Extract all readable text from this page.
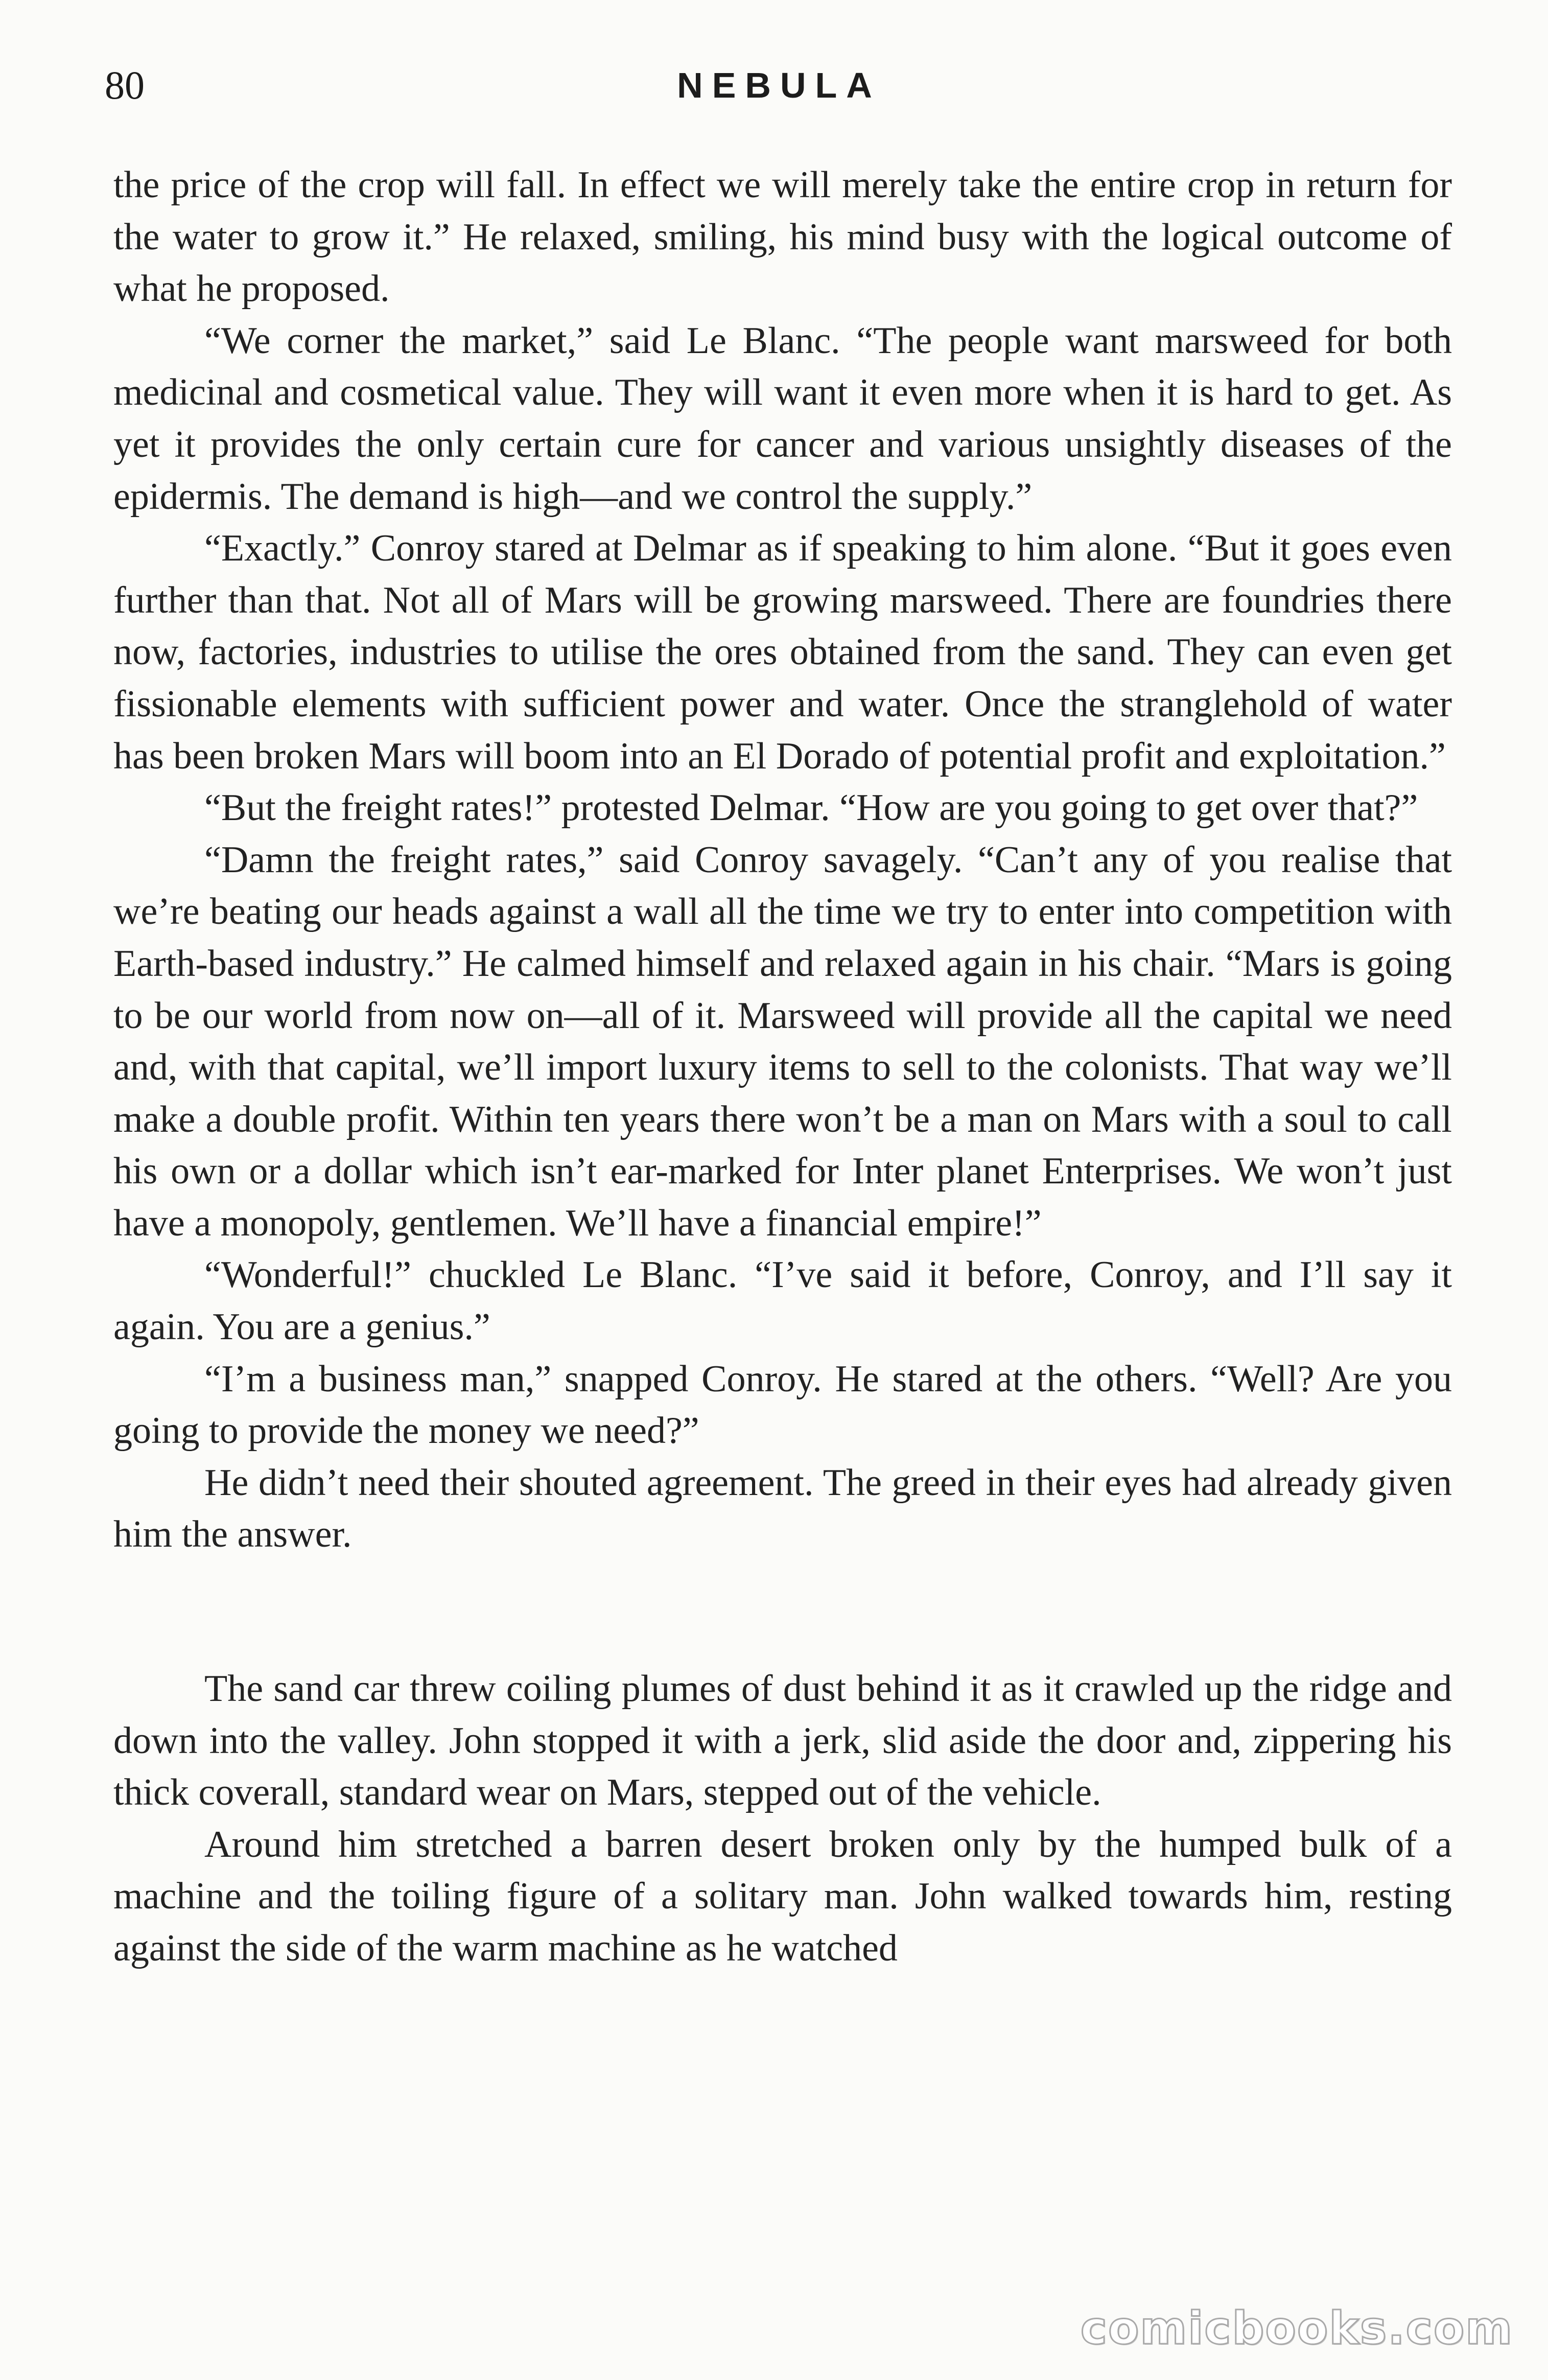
80	NEBULA

the price of the crop will fall. In effect we will merely take the entire crop in return for the water to grow it.” He relaxed, smiling, his mind busy with the logical outcome of what he proposed.

“We corner the market,” said Le Blanc. “The people want marsweed for both medicinal and cosmetical value. They will want it even more when it is hard to get. As yet it provides the only certain cure for cancer and various unsightly diseases of the epidermis. The demand is high—and we control the supply.”

“Exactly.” Conroy stared at Delmar as if speaking to him alone. “But it goes even further than that. Not all of Mars will be growing marsweed. There are foundries there now, factories, industries to utilise the ores obtained from the sand. They can even get fissionable elements with sufficient power and water. Once the stranglehold of water has been broken Mars will boom into an El Dorado of potential profit and exploitation.”

“But the freight rates!” protested Delmar. “How are you going to get over that?”

“Damn the freight rates,” said Conroy savagely. “Can’t any of you realise that we’re beating our heads against a wall all the time we try to enter into competition with Earth-based industry.” He calmed himself and relaxed again in his chair. “Mars is going to be our world from now on—all of it. Marsweed will provide all the capital we need and, with that capital, we’ll import luxury items to sell to the colonists. That way we’ll make a double profit. Within ten years there won’t be a man on Mars with a soul to call his own or a dollar which isn’t ear-marked for Inter planet Enterprises. We won’t just have a monopoly, gentlemen. We’ll have a financial empire!”

“Wonderful!” chuckled Le Blanc. “I’ve said it before, Conroy, and I’ll say it again. You are a genius.”

“I’m a business man,” snapped Conroy. He stared at the others. “Well? Are you going to provide the money we need?”

He didn’t need their shouted agreement. The greed in their eyes had already given him the answer.

The sand car threw coiling plumes of dust behind it as it crawled up the ridge and down into the valley. John stopped it with a jerk, slid aside the door and, zippering his thick coverall, standard wear on Mars, stepped out of the vehicle.

Around him stretched a barren desert broken only by the humped bulk of a machine and the toiling figure of a solitary man. John walked towards him, resting against the side of the warm machine as he watched

comicbooks.com
